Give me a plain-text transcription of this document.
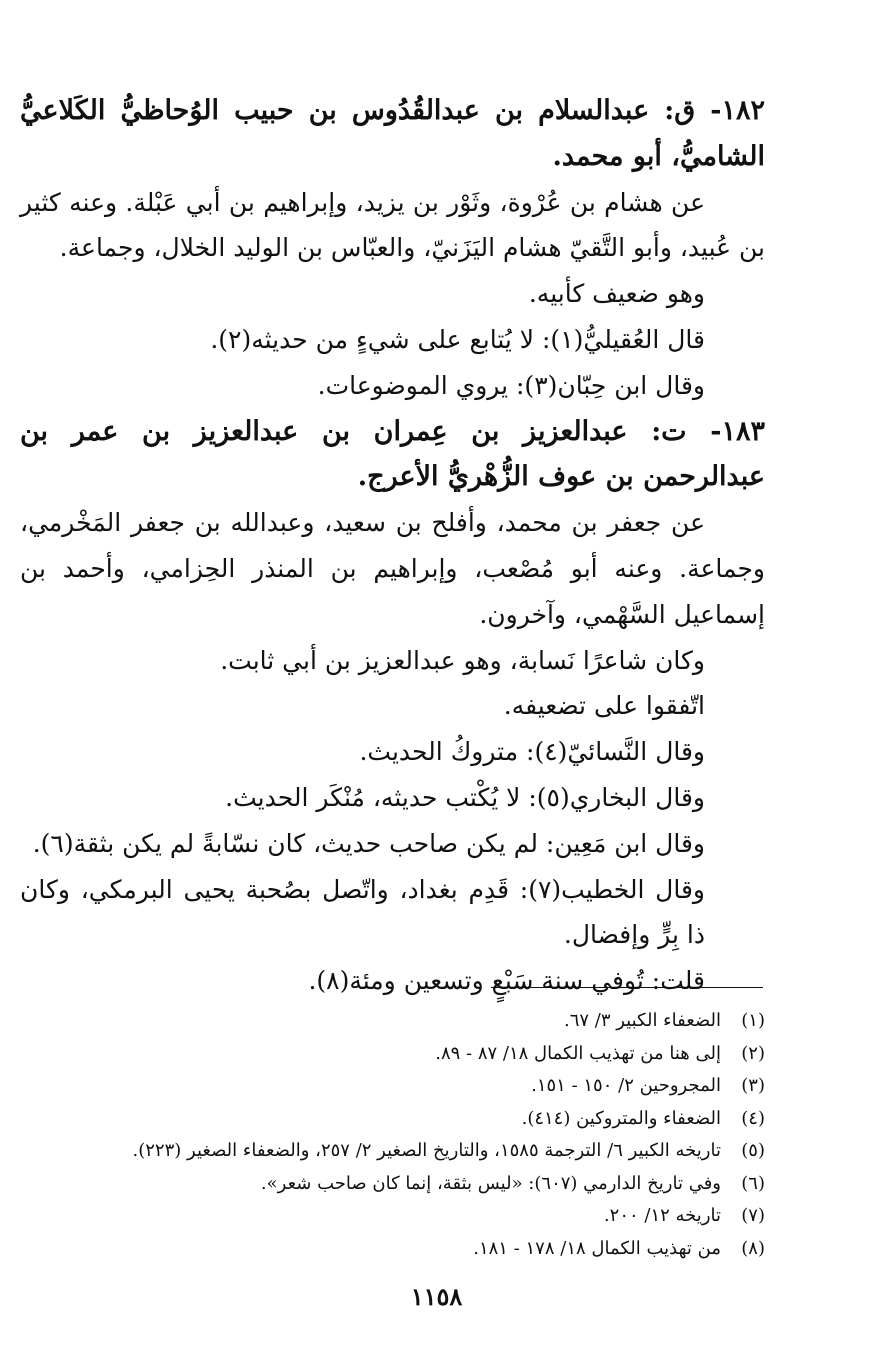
١٨٢- ق: عبدالسلام بن عبدالقُدُوس بن حبيب الوُحاظيُّ الكَلاعيُّ الشاميُّ، أبو محمد.
عن هشام بن عُرْوة، وثَوْر بن يزيد، وإبراهيم بن أبي عَبْلة. وعنه كثير بن عُبيد، وأبو التَّقيّ هشام اليَزَنيّ، والعبّاس بن الوليد الخلال، وجماعة.
وهو ضعيف كأبيه.
قال العُقيليُّ(١): لا يُتابع على شيءٍ من حديثه(٢).
وقال ابن حِبّان(٣): يروي الموضوعات.
١٨٣- ت: عبدالعزيز بن عِمران بن عبدالعزيز بن عمر بن عبدالرحمن بن عوف الزُّهْريُّ الأعرج.
عن جعفر بن محمد، وأفلح بن سعيد، وعبدالله بن جعفر المَخْرمي، وجماعة. وعنه أبو مُصْعب، وإبراهيم بن المنذر الحِزامي، وأحمد بن إسماعيل السَّهْمي، وآخرون.
وكان شاعرًا نَسابة، وهو عبدالعزيز بن أبي ثابت.
اتّفقوا على تضعيفه.
وقال النَّسائيّ(٤): متروكُ الحديث.
وقال البخاري(٥): لا يُكْتب حديثه، مُنْكَر الحديث.
وقال ابن مَعِين: لم يكن صاحب حديث، كان نسّابةً لم يكن بثقة(٦).
وقال الخطيب(٧): قَدِم بغداد، واتّصل بصُحبة يحيى البرمكي، وكان ذا بِرٍّ وإفضال.
قلت: تُوفي سنة سَبْعٍ وتسعين ومئة(٨).
(١)الضعفاء الكبير ٣/ ٦٧.
(٢)إلى هنا من تهذيب الكمال ١٨/ ٨٧ - ٨٩.
(٣)المجروحين ٢/ ١٥٠ - ١٥١.
(٤)الضعفاء والمتروكين (٤١٤).
(٥)تاريخه الكبير ٦/ الترجمة ١٥٨٥، والتاريخ الصغير ٢/ ٢٥٧، والضعفاء الصغير (٢٢٣).
(٦)وفي تاريخ الدارمي (٦٠٧): «ليس بثقة، إنما كان صاحب شعر».
(٧)تاريخه ١٢/ ٢٠٠.
(٨)من تهذيب الكمال ١٨/ ١٧٨ - ١٨١.
١١٥٨
